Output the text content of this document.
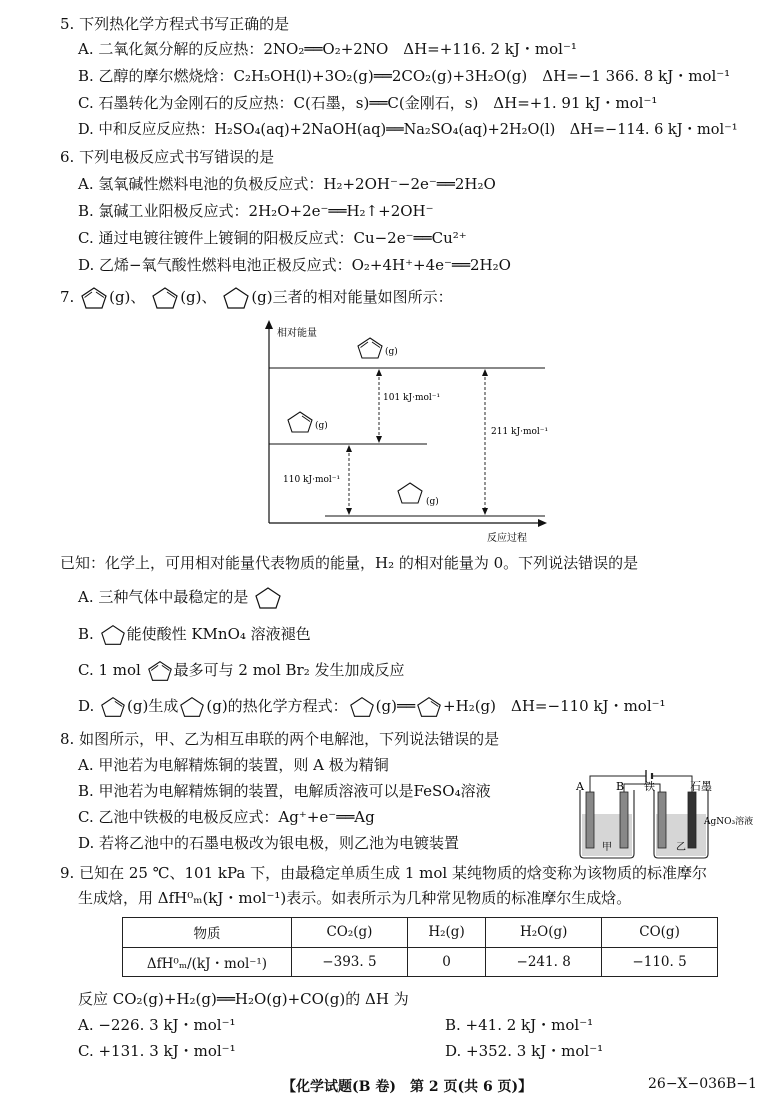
5. 下列热化学方程式书写正确的是
A. 二氧化氮分解的反应热：2NO₂══O₂+2NO　ΔH=+116. 2 kJ・mol⁻¹
B. 乙醇的摩尔燃烧焓：C₂H₅OH(l)+3O₂(g)══2CO₂(g)+3H₂O(g)　ΔH=−1 366. 8 kJ・mol⁻¹
C. 石墨转化为金刚石的反应热：C(石墨，s)══C(金刚石，s)　ΔH=+1. 91 kJ・mol⁻¹
D. 中和反应反应热：H₂SO₄(aq)+2NaOH(aq)══Na₂SO₄(aq)+2H₂O(l)　ΔH=−114. 6 kJ・mol⁻¹
6. 下列电极反应式书写错误的是
A. 氢氧碱性燃料电池的负极反应式：H₂+2OH⁻−2e⁻══2H₂O
B. 氯碱工业阳极反应式：2H₂O+2e⁻══H₂↑+2OH⁻
C. 通过电镀往镀件上镀铜的阳极反应式：Cu−2e⁻══Cu²⁺
D. 乙烯−氧气酸性燃料电池正极反应式：O₂+4H⁺+4e⁻══2H₂O
7. (g)、 (g)、 (g)三者的相对能量如图所示：
相对能量
反应过程
(g)
(g)
(g)
101 kJ·mol⁻¹
211 kJ·mol⁻¹
110 kJ·mol⁻¹
已知：化学上，可用相对能量代表物质的能量，H₂ 的相对能量为 0。下列说法错误的是
A. 三种气体中最稳定的是
B. 能使酸性 KMnO₄ 溶液褪色
C. 1 mol 最多可与 2 mol Br₂ 发生加成反应
D. (g)生成 (g)的热化学方程式： (g)══ +H₂(g)　ΔH=−110 kJ・mol⁻¹
8. 如图所示，甲、乙为相互串联的两个电解池，下列说法错误的是
A. 甲池若为电解精炼铜的装置，则 A 极为精铜
B. 甲池若为电解精炼铜的装置，电解质溶液可以是FeSO₄溶液
C. 乙池中铁极的电极反应式：Ag⁺+e⁻══Ag
D. 若将乙池中的石墨电极改为银电极，则乙池为电镀装置
A	B 铁	石墨
AgNO₃溶液
甲	乙
9. 已知在 25 ℃、101 kPa 下，由最稳定单质生成 1 mol 某纯物质的焓变称为该物质的标准摩尔
生成焓，用 ΔfH⁰ₘ(kJ・mol⁻¹)表示。如表所示为几种常见物质的标准摩尔生成焓。
物质	CO₂(g)	H₂(g)	H₂O(g)	CO(g)
ΔfH⁰ₘ/(kJ・mol⁻¹)	−393. 5	0	−241. 8	−110. 5
反应 CO₂(g)+H₂(g)══H₂O(g)+CO(g)的 ΔH 为
A. −226. 3 kJ・mol⁻¹	B. +41. 2 kJ・mol⁻¹
C. +131. 3 kJ・mol⁻¹	D. +352. 3 kJ・mol⁻¹
【化学试题(B 卷)　第 2 页(共 6 页)】	26−X−036B−1
